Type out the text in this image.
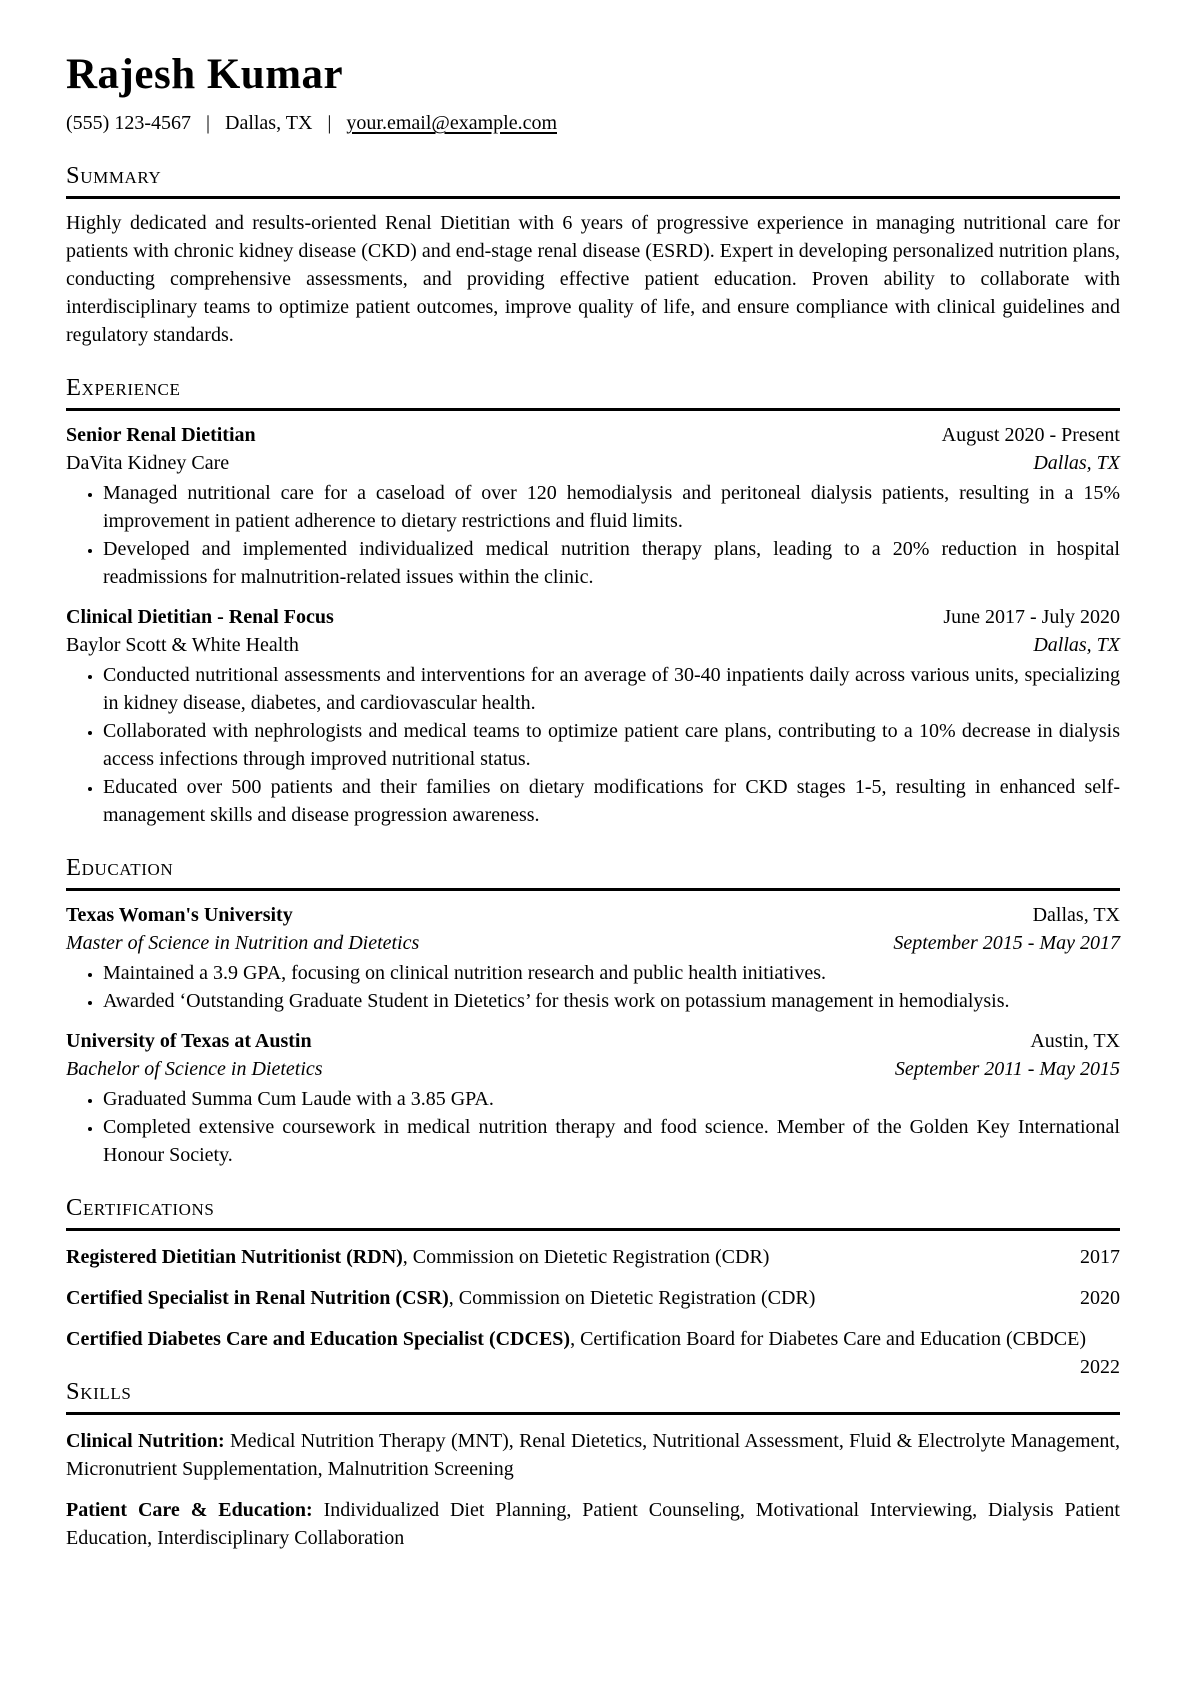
Rajesh Kumar
(555) 123-4567 | Dallas, TX | your.email@example.com
Summary

Highly dedicated and results-oriented Renal Dietitian with 6 years of progressive experience in managing nutritional care for patients with chronic kidney disease (CKD) and end-stage renal disease (ESRD). Expert in developing personalized nutrition plans, conducting comprehensive assessments, and providing effective patient education. Proven ability to collaborate with interdisciplinary teams to optimize patient outcomes, improve quality of life, and ensure compliance with clinical guidelines and regulatory standards.

Experience
Senior Renal Dietitian	August 2020 - Present
DaVita Kidney Care	Dallas, TX
• Managed nutritional care for a caseload of over 120 hemodialysis and peritoneal dialysis patients, resulting in a 15% improvement in patient adherence to dietary restrictions and fluid limits.
• Developed and implemented individualized medical nutrition therapy plans, leading to a 20% reduction in hospital readmissions for malnutrition-related issues within the clinic.
Clinical Dietitian - Renal Focus	June 2017 - July 2020
Baylor Scott & White Health	Dallas, TX
• Conducted nutritional assessments and interventions for an average of 30-40 inpatients daily across various units, specializing in kidney disease, diabetes, and cardiovascular health.
• Collaborated with nephrologists and medical teams to optimize patient care plans, contributing to a 10% decrease in dialysis access infections through improved nutritional status.
• Educated over 500 patients and their families on dietary modifications for CKD stages 1-5, resulting in enhanced self-management skills and disease progression awareness.
Education
Texas Woman's University	Dallas, TX
Master of Science in Nutrition and Dietetics	September 2015 - May 2017
• Maintained a 3.9 GPA, focusing on clinical nutrition research and public health initiatives.
• Awarded ‘Outstanding Graduate Student in Dietetics’ for thesis work on potassium management in hemodialysis.
University of Texas at Austin	Austin, TX
Bachelor of Science in Dietetics	September 2011 - May 2015
• Graduated Summa Cum Laude with a 3.85 GPA.
• Completed extensive coursework in medical nutrition therapy and food science. Member of the Golden Key International Honour Society.
Certifications

Registered Dietitian Nutritionist (RDN), Commission on Dietetic Registration (CDR)	2017

Certified Specialist in Renal Nutrition (CSR), Commission on Dietetic Registration (CDR)	2020

Certified Diabetes Care and Education Specialist (CDCES), Certification Board for Diabetes Care and Education (CBDCE)
2022

Skills

Clinical Nutrition: Medical Nutrition Therapy (MNT), Renal Dietetics, Nutritional Assessment, Fluid & Electrolyte Management, Micronutrient Supplementation, Malnutrition Screening

Patient Care & Education: Individualized Diet Planning, Patient Counseling, Motivational Interviewing, Dialysis Patient Education, Interdisciplinary Collaboration
